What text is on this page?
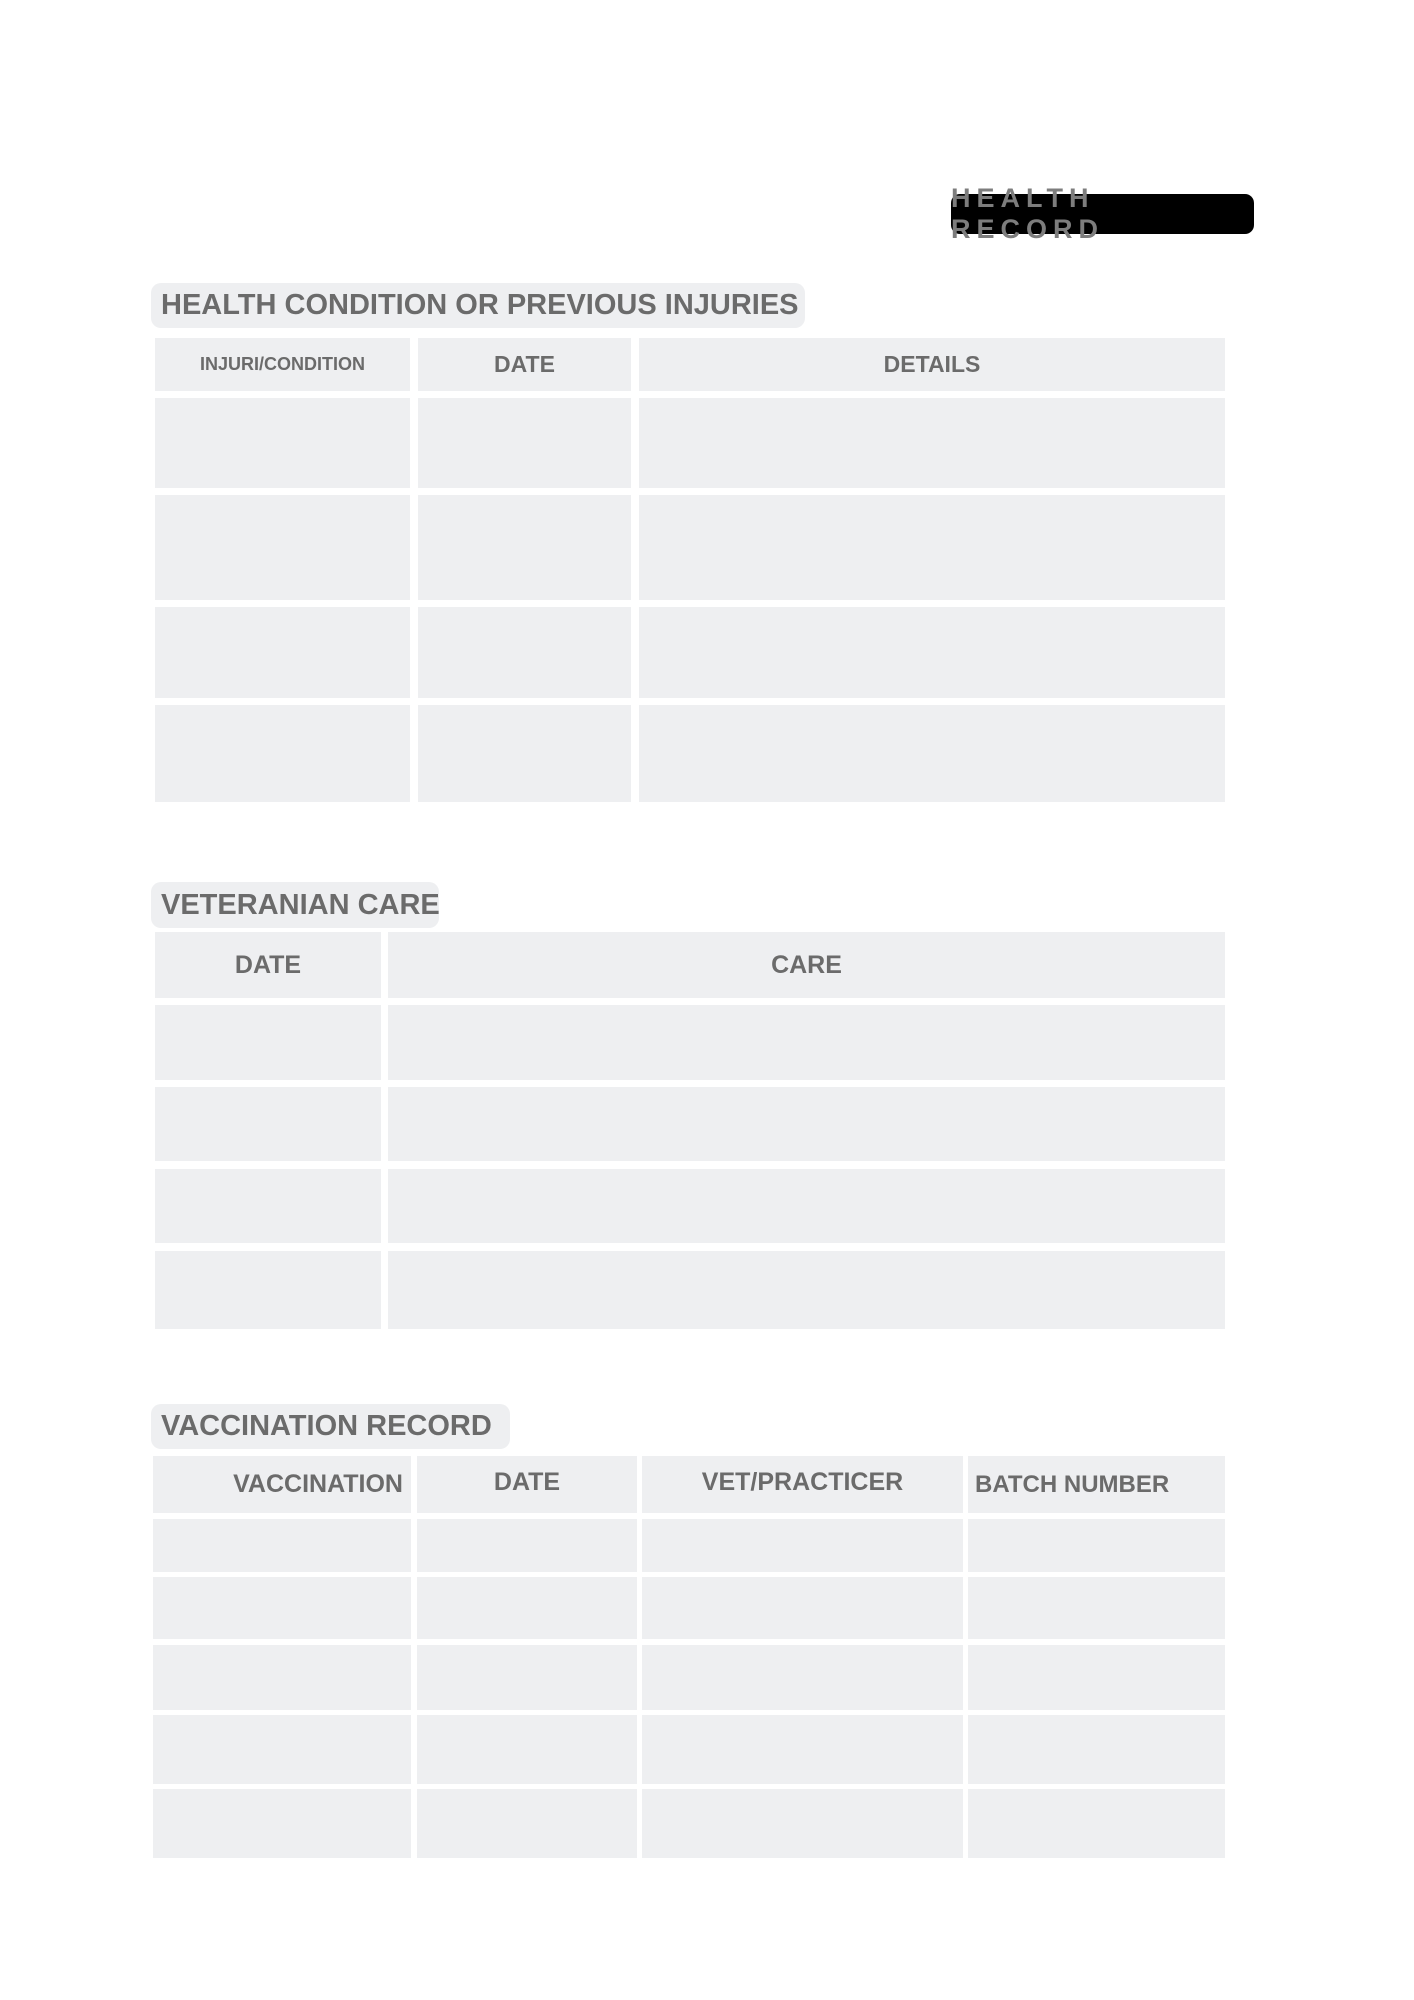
HEALTH RECORD
HEALTH CONDITION OR PREVIOUS INJURIES
INJURI/CONDITION	DATE	DETAILS
VETERANIAN CARE
DATE	CARE
VACCINATION RECORD
VACCINATION	DATE	VET/PRACTICER	BATCH NUMBER
